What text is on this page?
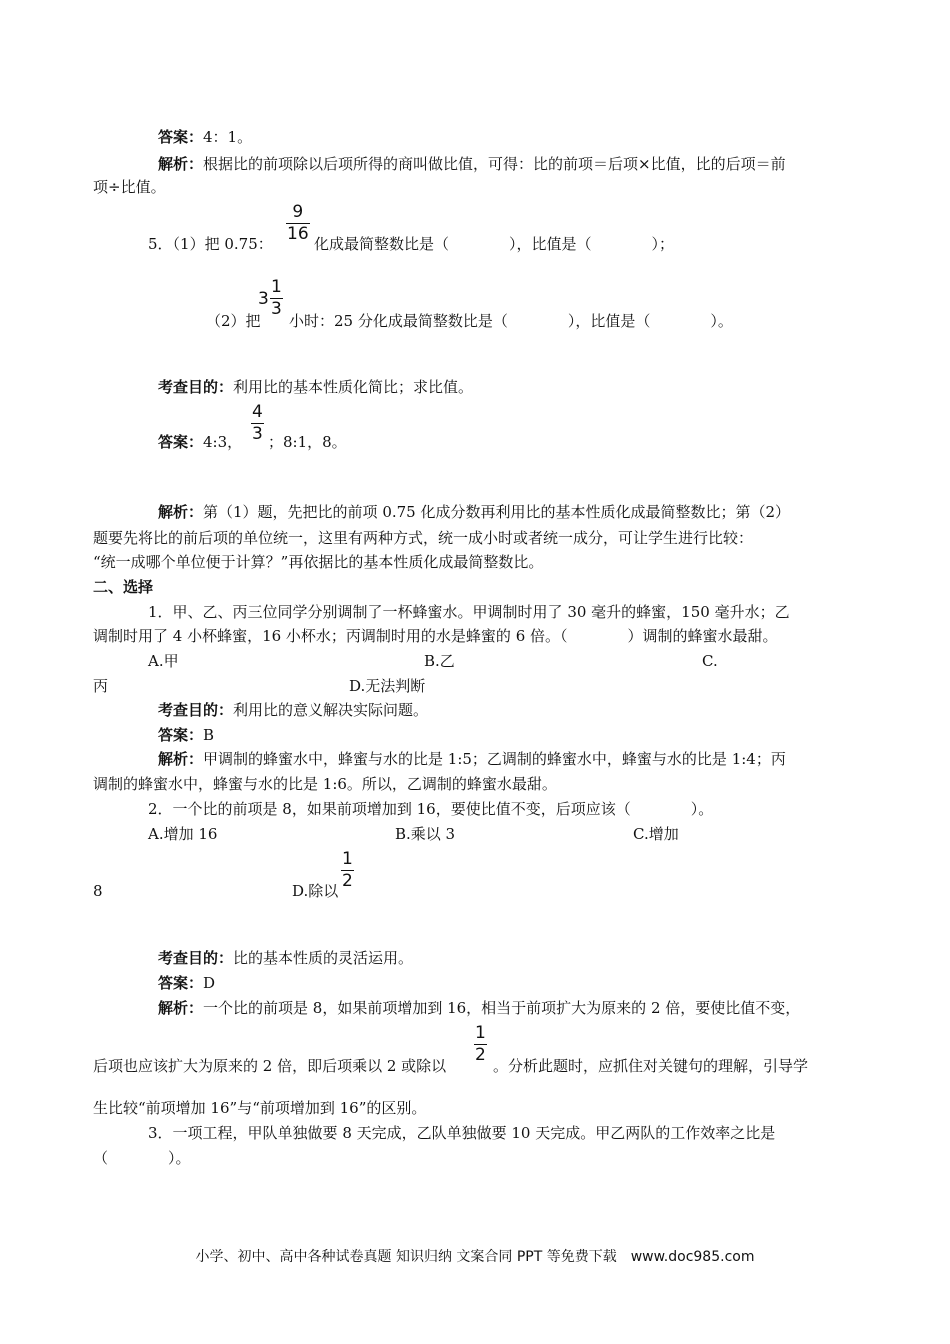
答案：4：1。
解析：根据比的前项除以后项所得的商叫做比值，可得：比的前项＝后项×比值，比的后项＝前
项÷比值。
5．（1）把 0.75：
9
16 化成最简整数比是（　　　　），比值是（　　　　）；
（2）把
3
1
3
小时：25 分化成最简整数比是（　　　　），比值是（　　　　）。
考查目的：利用比的基本性质化简比；求比值。
答案：4:3，
4
3 ；8:1，8。
解析：第（1）题，先把比的前项 0.75 化成分数再利用比的基本性质化成最简整数比；第（2）
题要先将比的前后项的单位统一，这里有两种方式，统一成小时或者统一成分，可让学生进行比较：
“统一成哪个单位便于计算？”再依据比的基本性质化成最简整数比。
二、选择
1．甲、乙、丙三位同学分别调制了一杯蜂蜜水。甲调制时用了 30 毫升的蜂蜜，150 毫升水；乙
调制时用了 4 小杯蜂蜜，16 小杯水；丙调制时用的水是蜂蜜的 6 倍。（　　　　）调制的蜂蜜水最甜。
A.甲	B.乙	C.
丙	D.无法判断
考查目的：利用比的意义解决实际问题。
答案：B
解析：甲调制的蜂蜜水中，蜂蜜与水的比是 1:5；乙调制的蜂蜜水中，蜂蜜与水的比是 1:4；丙
调制的蜂蜜水中，蜂蜜与水的比是 1:6。所以，乙调制的蜂蜜水最甜。
2．一个比的前项是 8，如果前项增加到 16，要使比值不变，后项应该（　　　　）。
A.增加 16	B.乘以 3	C.增加
8	D.除以
1
2
考查目的：比的基本性质的灵活运用。
答案：D
解析：一个比的前项是 8，如果前项增加到 16，相当于前项扩大为原来的 2 倍，要使比值不变，
后项也应该扩大为原来的 2 倍，即后项乘以 2 或除以
1
2
。分析此题时，应抓住对关键句的理解，引导学
生比较“前项增加 16”与“前项增加到 16”的区别。
3．一项工程，甲队单独做要 8 天完成，乙队单独做要 10 天完成。甲乙两队的工作效率之比是
（　　　　）。
小学、初中、高中各种试卷真题 知识归纳 文案合同 PPT 等免费下载　www.doc985.com
